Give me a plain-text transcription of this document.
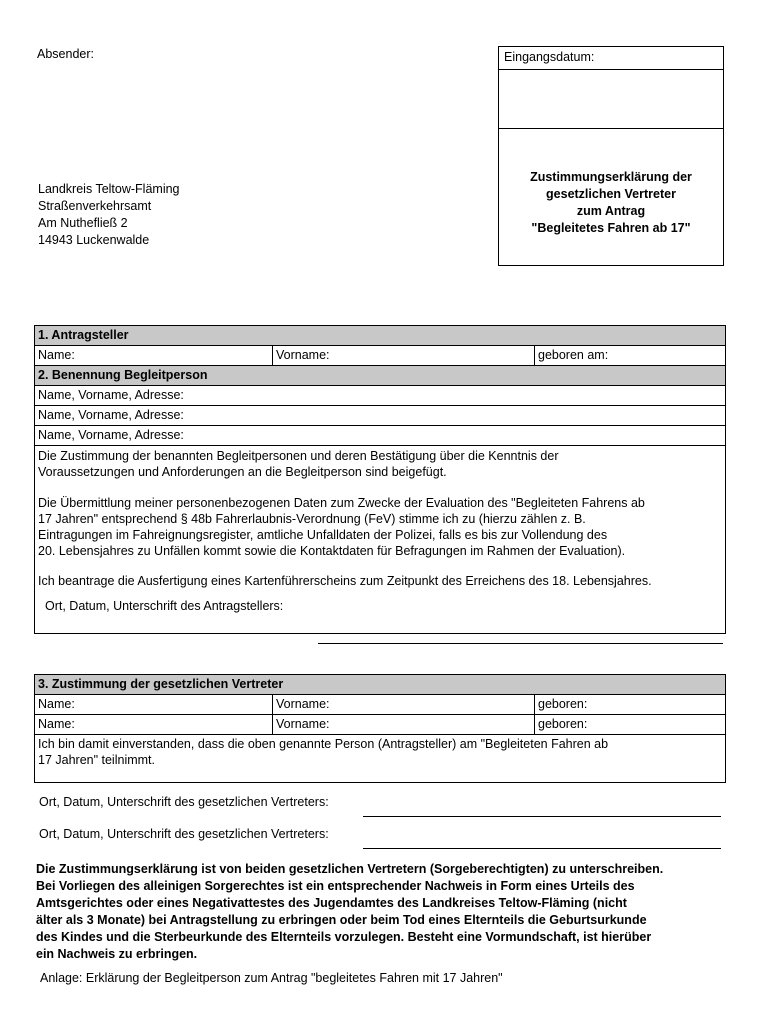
Absender:	Eingangsdatum:
Zustimmungserklärung der
gesetzlichen Vertreter
zum Antrag
"Begleitetes Fahren ab 17"
Landkreis Teltow-Fläming
Straßenverkehrsamt
Am Nuthefließ 2
14943 Luckenwalde
1. Antragsteller
Name:	Vorname:	geboren am:
2. Benennung Begleitperson
Name, Vorname, Adresse:
Name, Vorname, Adresse:
Name, Vorname, Adresse:

Die Zustimmung der benannten Begleitpersonen und deren Bestätigung über die Kenntnis der
Voraussetzungen und Anforderungen an die Begleitperson sind beigefügt.
Die Übermittlung meiner personenbezogenen Daten zum Zwecke der Evaluation des "Begleiteten Fahrens ab
17 Jahren" entsprechend § 48b Fahrerlaubnis-Verordnung (FeV) stimme ich zu (hierzu zählen z. B.
Eintragungen im Fahreignungsregister, amtliche Unfalldaten der Polizei, falls es bis zur Vollendung des
20. Lebensjahres zu Unfällen kommt sowie die Kontaktdaten für Befragungen im Rahmen der Evaluation).
Ich beantrage die Ausfertigung eines Kartenführerscheins zum Zeitpunkt des Erreichens des 18. Lebensjahres.
Ort, Datum, Unterschrift des Antragstellers:
3. Zustimmung der gesetzlichen Vertreter		
Name:	Vorname:	geboren:
Name:	Vorname:	geboren:

Ich bin damit einverstanden, dass die oben genannte Person (Antragsteller) am "Begleiteten Fahren ab
17 Jahren" teilnimmt.		
Ort, Datum, Unterschrift des gesetzlichen Vertreters:
Ort, Datum, Unterschrift des gesetzlichen Vertreters:
Die Zustimmungserklärung ist von beiden gesetzlichen Vertretern (Sorgeberechtigten) zu unterschreiben.
Bei Vorliegen des alleinigen Sorgerechtes ist ein entsprechender Nachweis in Form eines Urteils des
Amtsgerichtes oder eines Negativattestes des Jugendamtes des Landkreises Teltow-Fläming (nicht
älter als 3 Monate) bei Antragstellung zu erbringen oder beim Tod eines Elternteils die Geburtsurkunde
des Kindes und die Sterbeurkunde des Elternteils vorzulegen. Besteht eine Vormundschaft, ist hierüber
ein Nachweis zu erbringen.
Anlage: Erklärung der Begleitperson zum Antrag "begleitetes Fahren mit 17 Jahren"
